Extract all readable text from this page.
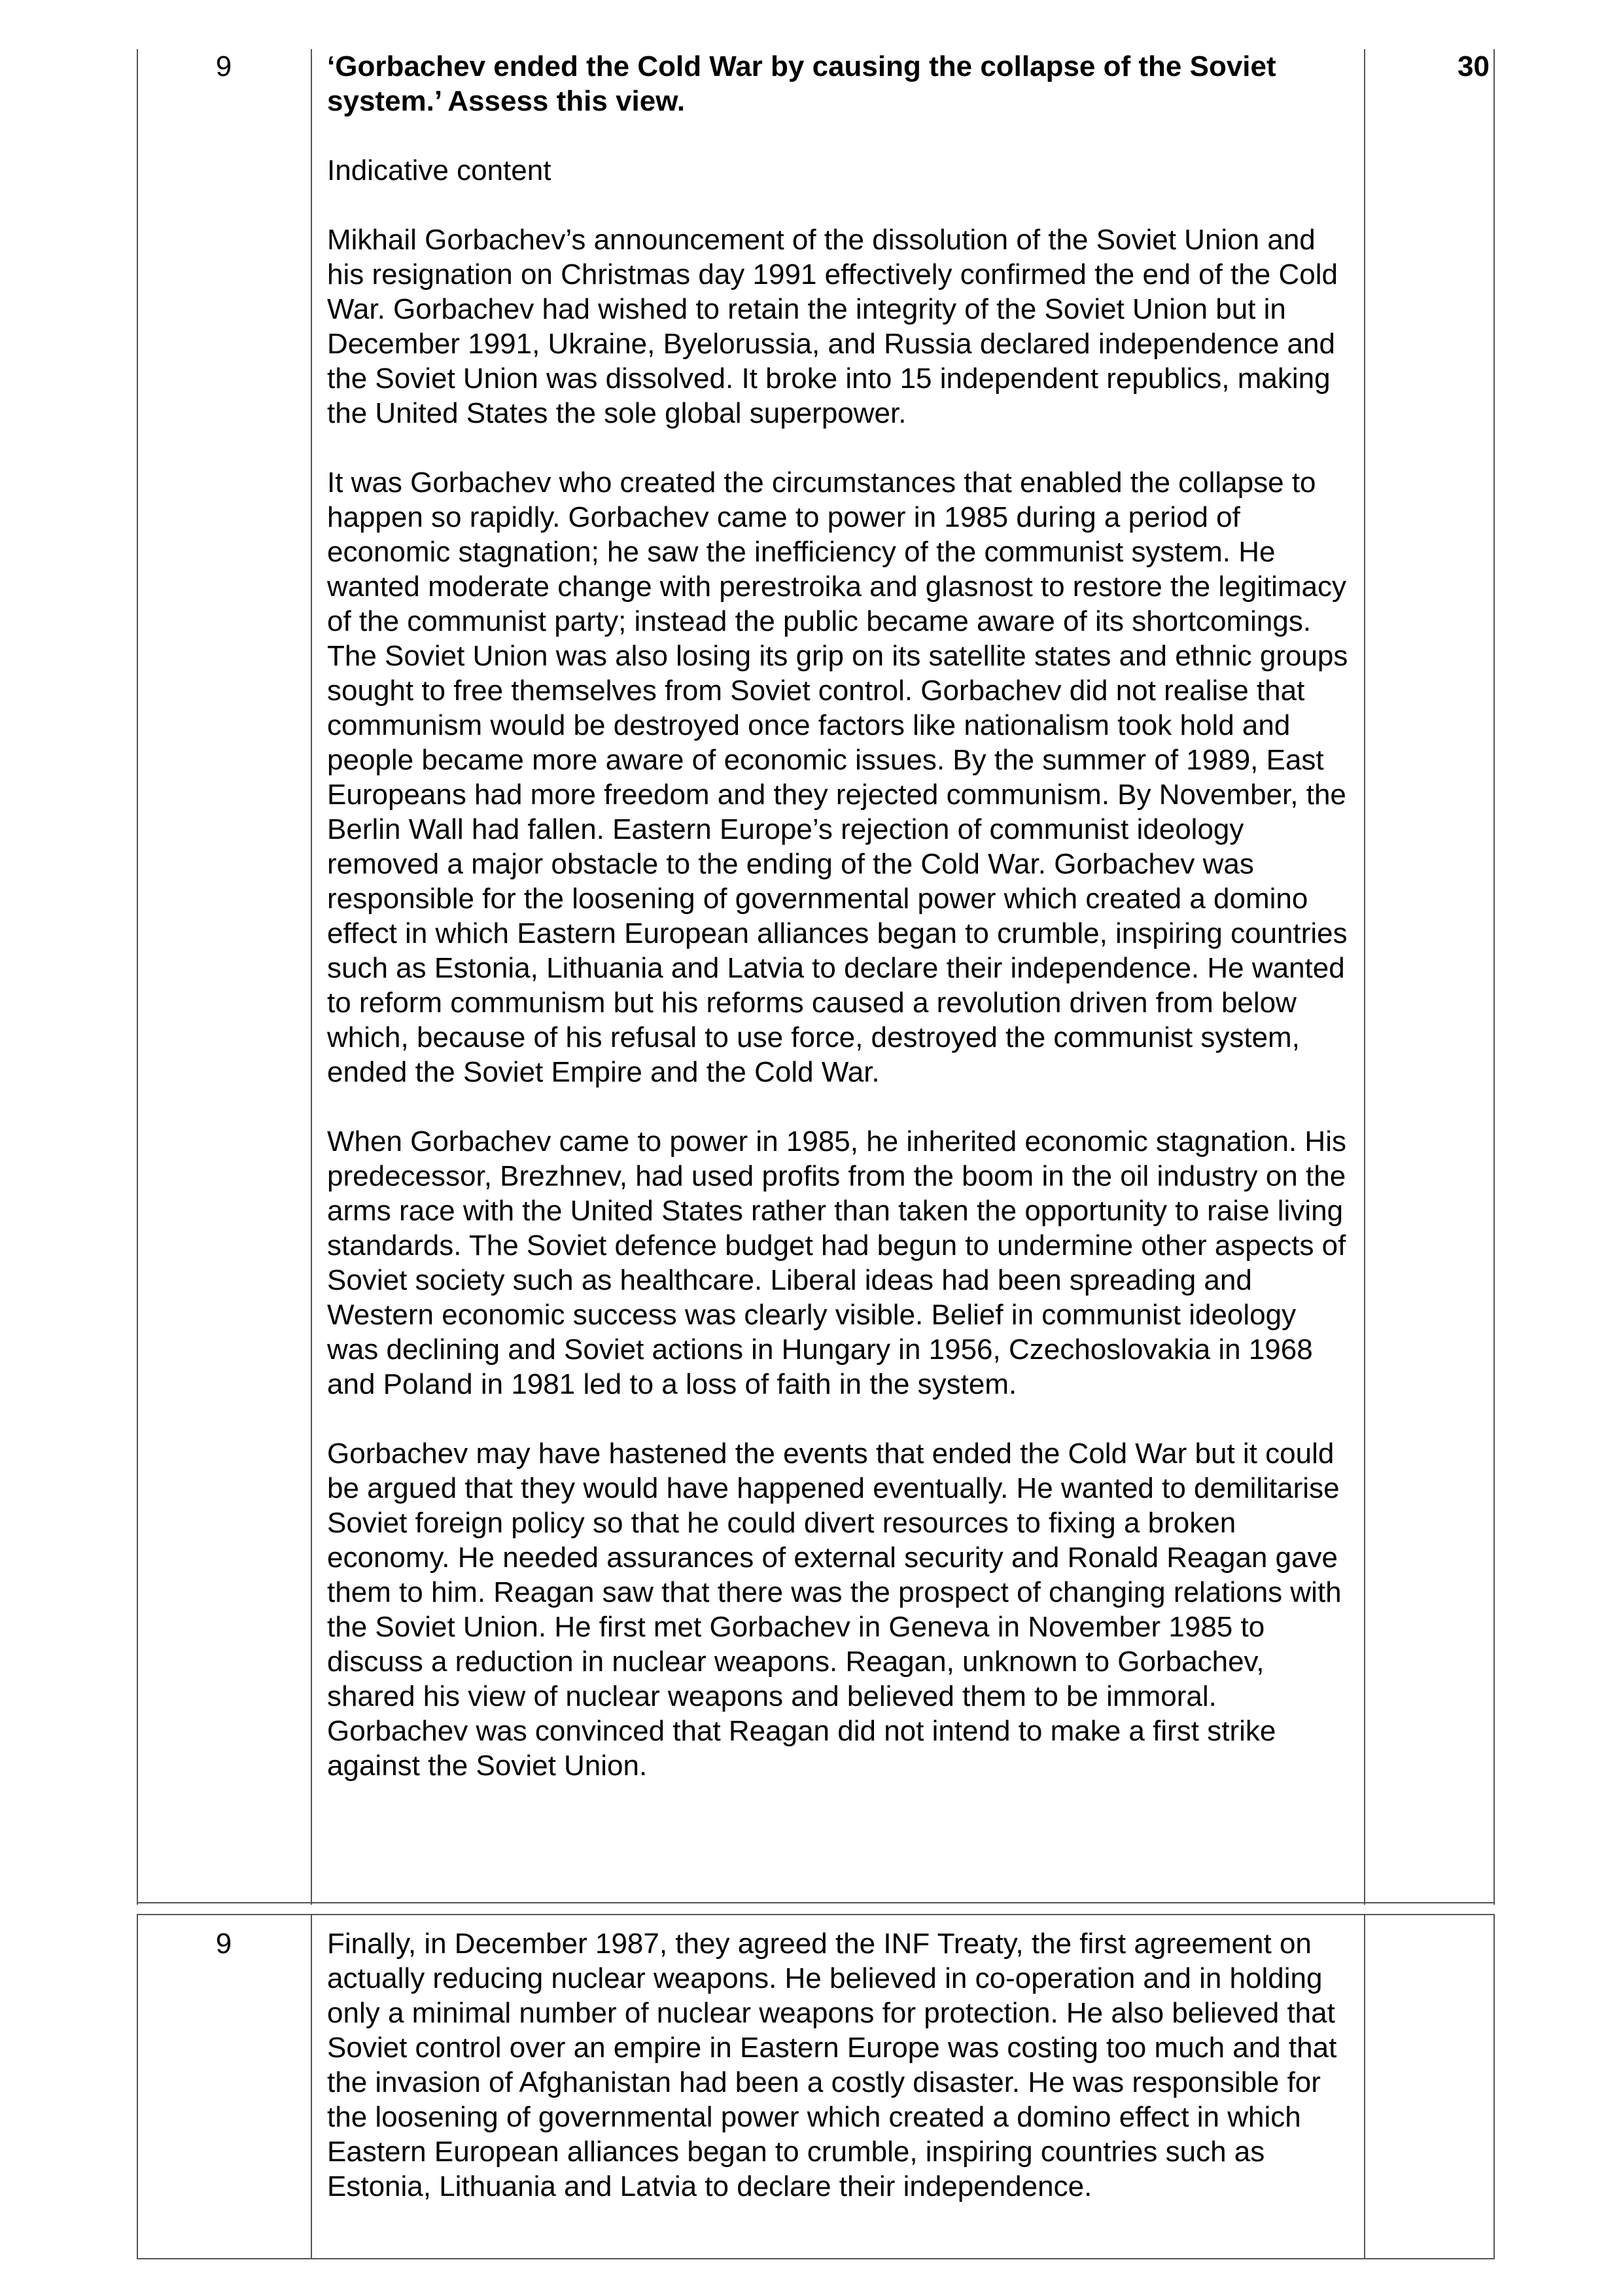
9	‘Gorbachev ended the Cold War by causing the collapse of the Soviet system.’ Assess this view.

Indicative content

Mikhail Gorbachev’s announcement of the dissolution of the Soviet Union and his resignation on Christmas day 1991 effectively confirmed the end of the Cold War. Gorbachev had wished to retain the integrity of the Soviet Union but in December 1991, Ukraine, Byelorussia, and Russia declared independence and the Soviet Union was dissolved. It broke into 15 independent republics, making the United States the sole global superpower.

It was Gorbachev who created the circumstances that enabled the collapse to happen so rapidly. Gorbachev came to power in 1985 during a period of economic stagnation; he saw the inefficiency of the communist system. He wanted moderate change with perestroika and glasnost to restore the legitimacy of the communist party; instead the public became aware of its shortcomings. The Soviet Union was also losing its grip on its satellite states and ethnic groups sought to free themselves from Soviet control. Gorbachev did not realise that communism would be destroyed once factors like nationalism took hold and people became more aware of economic issues. By the summer of 1989, East Europeans had more freedom and they rejected communism. By November, the Berlin Wall had fallen. Eastern Europe’s rejection of communist ideology removed a major obstacle to the ending of the Cold War. Gorbachev was responsible for the loosening of governmental power which created a domino effect in which Eastern European alliances began to crumble, inspiring countries such as Estonia, Lithuania and Latvia to declare their independence. He wanted to reform communism but his reforms caused a revolution driven from below which, because of his refusal to use force, destroyed the communist system, ended the Soviet Empire and the Cold War.

When Gorbachev came to power in 1985, he inherited economic stagnation. His predecessor, Brezhnev, had used profits from the boom in the oil industry on the arms race with the United States rather than taken the opportunity to raise living standards. The Soviet defence budget had begun to undermine other aspects of Soviet society such as healthcare. Liberal ideas had been spreading and Western economic success was clearly visible. Belief in communist ideology was declining and Soviet actions in Hungary in 1956, Czechoslovakia in 1968 and Poland in 1981 led to a loss of faith in the system.

Gorbachev may have hastened the events that ended the Cold War but it could be argued that they would have happened eventually. He wanted to demilitarise Soviet foreign policy so that he could divert resources to fixing a broken economy. He needed assurances of external security and Ronald Reagan gave them to him. Reagan saw that there was the prospect of changing relations with the Soviet Union. He first met Gorbachev in Geneva in November 1985 to discuss a reduction in nuclear weapons. Reagan, unknown to Gorbachev, shared his view of nuclear weapons and believed them to be immoral. Gorbachev was convinced that Reagan did not intend to make a first strike against the Soviet Union.

30
9	Finally, in December 1987, they agreed the INF Treaty, the first agreement on actually reducing nuclear weapons. He believed in co-operation and in holding only a minimal number of nuclear weapons for protection. He also believed that Soviet control over an empire in Eastern Europe was costing too much and that the invasion of Afghanistan had been a costly disaster. He was responsible for the loosening of governmental power which created a domino effect in which Eastern European alliances began to crumble, inspiring countries such as Estonia, Lithuania and Latvia to declare their independence.
